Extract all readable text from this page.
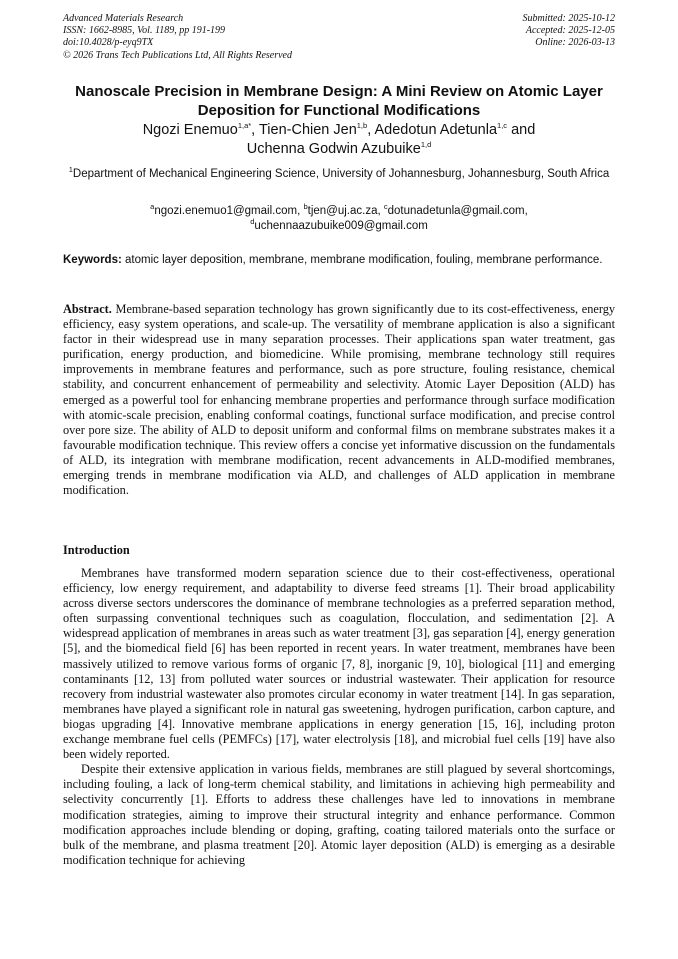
Advanced Materials Research
ISSN: 1662-8985, Vol. 1189, pp 191-199
doi:10.4028/p-eyq9TX
© 2026 Trans Tech Publications Ltd, All Rights Reserved
Submitted: 2025-10-12
Accepted: 2025-12-05
Online: 2026-03-13
Nanoscale Precision in Membrane Design: A Mini Review on Atomic Layer Deposition for Functional Modifications

Ngozi Enemuo$^{1,a*}$, Tien-Chien Jen$^{1,b}$, Adedotun Adetunla$^{1,c}$ and
Uchenna Godwin Azubuike$^{1,d}$

$^1$Department of Mechanical Engineering Science, University of Johannesburg, Johannesburg, South Africa

$^a$ngozi.enemuo1@gmail.com, $^b$tjen@uj.ac.za, $^c$dotunadetunla@gmail.com,
$^d$uchennaazubuike009@gmail.com

Keywords: atomic layer deposition, membrane, membrane modification, fouling, membrane performance.

Abstract. Membrane-based separation technology has grown significantly due to its cost-effectiveness, energy efficiency, easy system operations, and scale-up. The versatility of membrane application is also a significant factor in their widespread use in many separation processes. Their applications span water treatment, gas purification, energy production, and biomedicine. While promising, membrane technology still requires improvements in membrane features and performance, such as pore structure, fouling resistance, chemical stability, and concurrent enhancement of permeability and selectivity. Atomic Layer Deposition (ALD) has emerged as a powerful tool for enhancing membrane properties and performance through surface modification with atomic-scale precision, enabling conformal coatings, functional surface modification, and precise control over pore size. The ability of ALD to deposit uniform and conformal films on membrane substrates makes it a favourable modification technique. This review offers a concise yet informative discussion on the fundamentals of ALD, its integration with membrane modification, recent advancements in ALD-modified membranes, emerging trends in membrane modification via ALD, and challenges of ALD application in membrane modification.

Introduction

Membranes have transformed modern separation science due to their cost-effectiveness, operational efficiency, low energy requirement, and adaptability to diverse feed streams [1]. Their broad applicability across diverse sectors underscores the dominance of membrane technologies as a preferred separation method, often surpassing conventional techniques such as coagulation, flocculation, and sedimentation [2]. A widespread application of membranes in areas such as water treatment [3], gas separation [4], energy generation [5], and the biomedical field [6] has been reported in recent years. In water treatment, membranes have been massively utilized to remove various forms of organic [7, 8], inorganic [9, 10], biological [11] and emerging contaminants [12, 13] from polluted water sources or industrial wastewater. Their application for resource recovery from industrial wastewater also promotes circular economy in water treatment [14]. In gas separation, membranes have played a significant role in natural gas sweetening, hydrogen purification, carbon capture, and biogas upgrading [4]. Innovative membrane applications in energy generation [15, 16], including proton exchange membrane fuel cells (PEMFCs) [17], water electrolysis [18], and microbial fuel cells [19] have also been widely reported.

Despite their extensive application in various fields, membranes are still plagued by several shortcomings, including fouling, a lack of long-term chemical stability, and limitations in achieving high permeability and selectivity concurrently [1]. Efforts to address these challenges have led to innovations in membrane modification strategies, aiming to improve their structural integrity and enhance performance. Common modification approaches include blending or doping, grafting, coating tailored materials onto the surface or bulk of the membrane, and plasma treatment [20]. Atomic layer deposition (ALD) is emerging as a desirable modification technique for achieving
